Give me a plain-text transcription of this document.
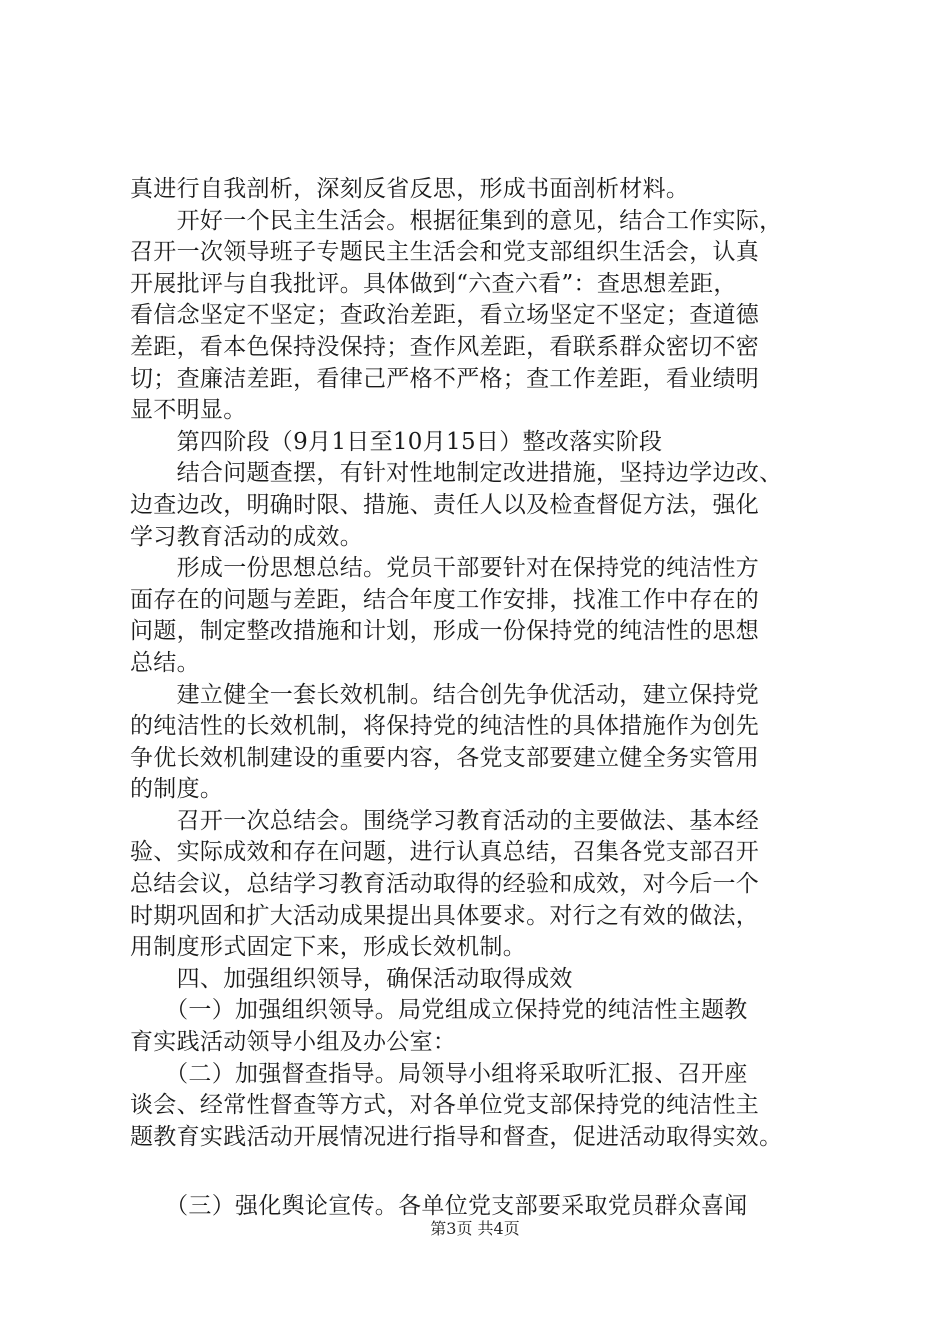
真进行自我剖析，深刻反省反思，形成书面剖析材料。
　　开好一个民主生活会。根据征集到的意见，结合工作实际，
召开一次领导班子专题民主生活会和党支部组织生活会，认真
开展批评与自我批评。具体做到“六查六看”：查思想差距，
看信念坚定不坚定；查政治差距，看立场坚定不坚定；查道德
差距，看本色保持没保持；查作风差距，看联系群众密切不密
切；查廉洁差距，看律己严格不严格；查工作差距，看业绩明
显不明显。
　　第四阶段（9月1日至10月15日）整改落实阶段
　　结合问题查摆，有针对性地制定改进措施，坚持边学边改、
边查边改，明确时限、措施、责任人以及检查督促方法，强化
学习教育活动的成效。
　　形成一份思想总结。党员干部要针对在保持党的纯洁性方
面存在的问题与差距，结合年度工作安排，找准工作中存在的
问题，制定整改措施和计划，形成一份保持党的纯洁性的思想
总结。
　　建立健全一套长效机制。结合创先争优活动，建立保持党
的纯洁性的长效机制，将保持党的纯洁性的具体措施作为创先
争优长效机制建设的重要内容，各党支部要建立健全务实管用
的制度。
　　召开一次总结会。围绕学习教育活动的主要做法、基本经
验、实际成效和存在问题，进行认真总结，召集各党支部召开
总结会议，总结学习教育活动取得的经验和成效，对今后一个
时期巩固和扩大活动成果提出具体要求。对行之有效的做法，
用制度形式固定下来，形成长效机制。
　　四、加强组织领导，确保活动取得成效
　　（一）加强组织领导。局党组成立保持党的纯洁性主题教
育实践活动领导小组及办公室：
　　（二）加强督查指导。局领导小组将采取听汇报、召开座
谈会、经常性督查等方式，对各单位党支部保持党的纯洁性主
题教育实践活动开展情况进行指导和督查，促进活动取得实效。
　　（三）强化舆论宣传。各单位党支部要采取党员群众喜闻
第3页 共4页
